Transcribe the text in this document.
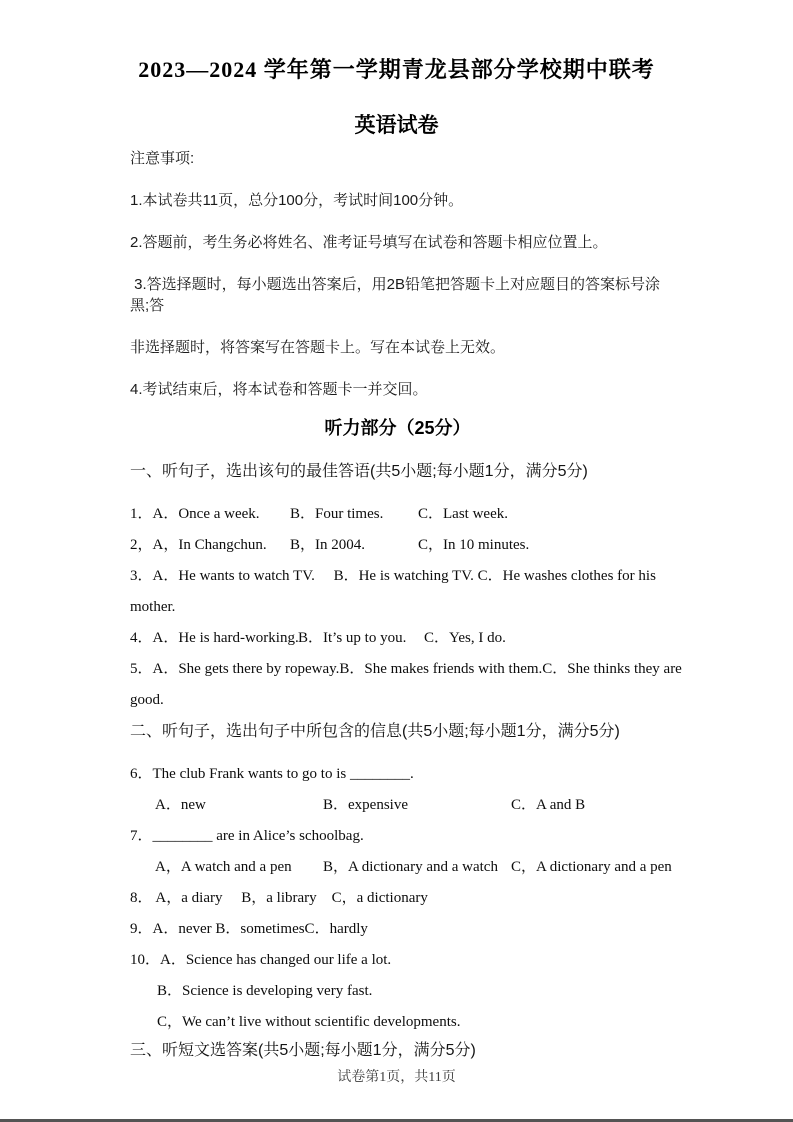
2023—2024 学年第一学期青龙县部分学校期中联考
英语试卷
注意事项:
1.本试卷共11页，总分100分，考试时间100分钟。
2.答题前，考生务必将姓名、准考证号填写在试卷和答题卡相应位置上。
3.答选择题时，每小题选出答案后，用2B铅笔把答题卡上对应题目的答案标号涂黑;答
非选择题时，将答案写在答题卡上。写在本试卷上无效。
4.考试结束后，将本试卷和答题卡一并交回。
听力部分（25分）
一、听句子，选出该句的最佳答语(共5小题;每小题1分，满分5分)
1．A．Once a week.	B．Four times.	C．Last week.
2，A，In Changchun.	B，In 2004.	C，In 10 minutes.
3．A．He wants to watch TV.　 B．He is watching TV. C．He washes clothes for his
mother.
4．A．He is hard-working. B．It’s up to you.	C．Yes, I do.
5．A．She gets there by ropeway.B．She makes friends with them.C．She thinks they are
good.
二、听句子，选出句子中所包含的信息(共5小题;每小题1分，满分5分)
6．The club Frank wants to go to is ________.
A．new	B．expensive	C．A and B
7．________ are in Alice’s schoolbag.
A，A watch and a pen	B，A dictionary and a watch C，A dictionary and a pen
8． A，a diary　 B，a library　C，a dictionary
9．A．never B．sometimesC．hardly
10．A．Science has changed our life a lot.
B．Science is developing very fast.
C，We can’t live without scientific developments.
三、听短文选答案(共5小题;每小题1分，满分5分)
试卷第1页，共11页
